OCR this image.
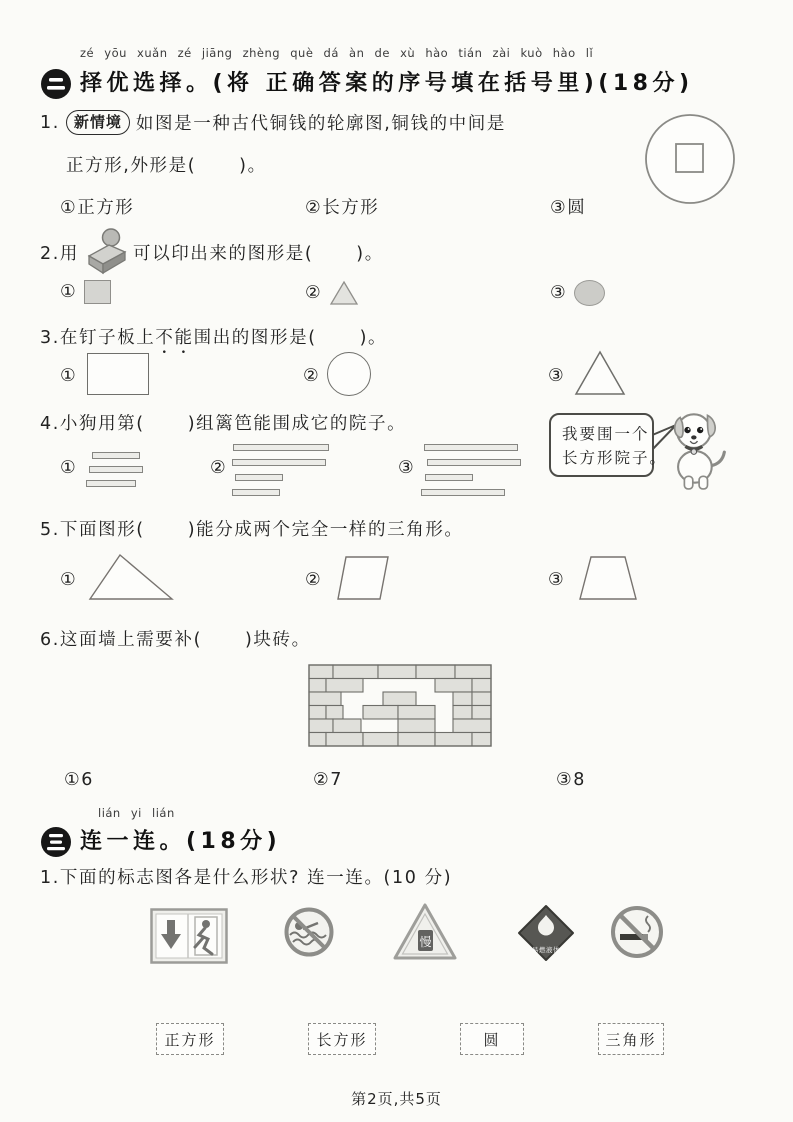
zé yōu xuǎn zé jiāng zhèng què dá àn de xù hào tián zài kuò hào lǐ
择优选择。(将 正确答案的序号填在括号里)(18分)
1. 新情境 如图是一种古代铜钱的轮廓图,铜钱的中间是
正方形,外形是(      )。
①正方形	②长方形	③圆
2.用	可以印出来的图形是(      )。
①	②	③
3.在钉子板上不能围出的图形是(      )。
①	②	③
4.小狗用第(      )组篱笆能围成它的院子。
①	②	③
我要围一个
长方形院子。
5.下面图形(      )能分成两个完全一样的三角形。
①	②	③
6.这面墙上需要补(      )块砖。
①6	②7	③8
lián yi lián
连一连。(18分)
1.下面的标志图各是什么形状? 连一连。(10 分)
慢
易燃液体
正方形	长方形	圆	三角形
第2页,共5页
